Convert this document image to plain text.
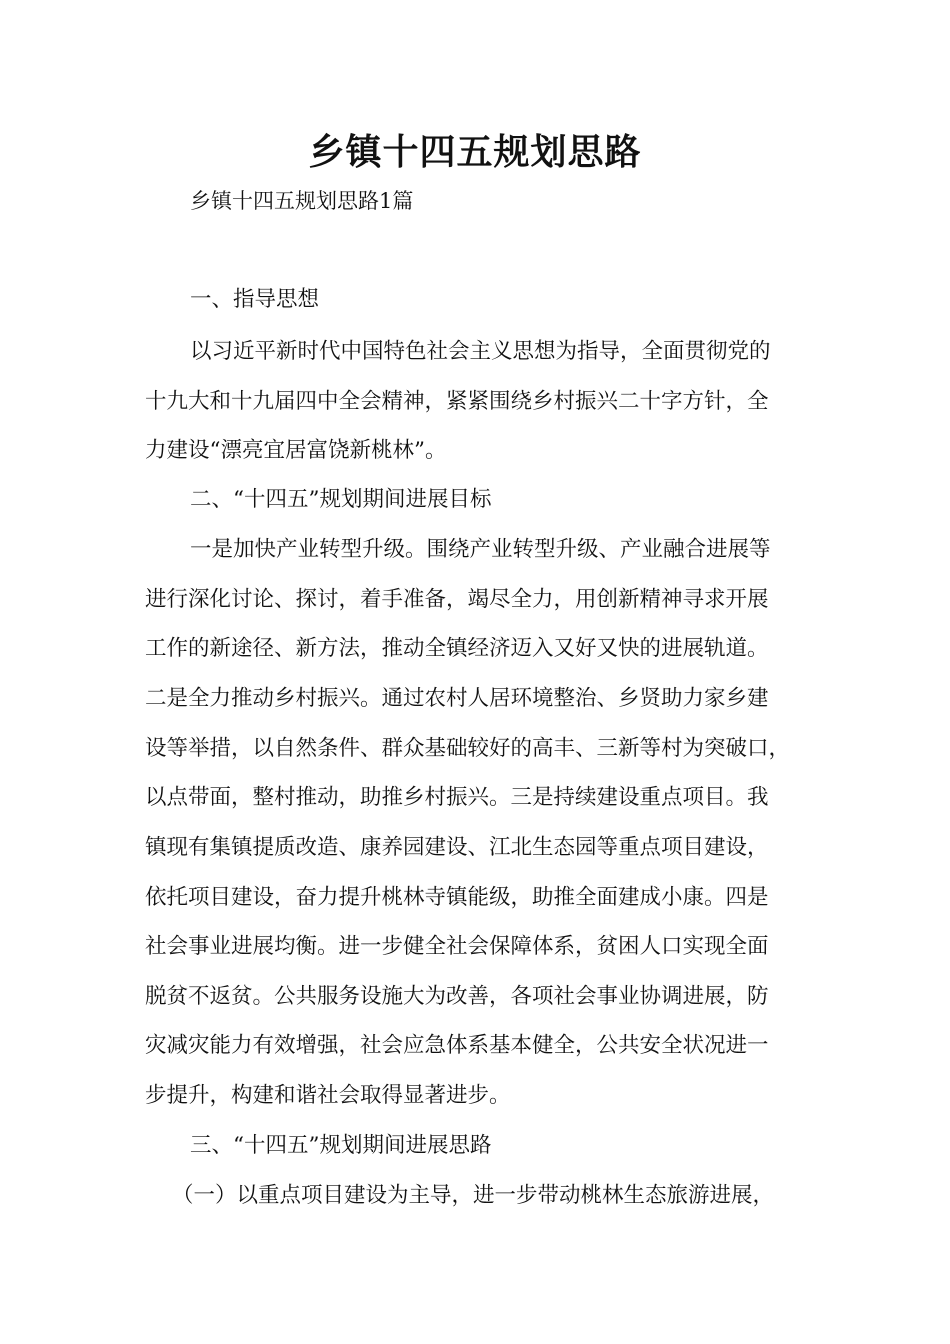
乡镇十四五规划思路

乡镇十四五规划思路1篇

一、指导思想

以习近平新时代中国特色社会主义思想为指导，全面贯彻党的

十九大和十九届四中全会精神，紧紧围绕乡村振兴二十字方针，全

力建设“漂亮宜居富饶新桃林”。

二、“十四五”规划期间进展目标

一是加快产业转型升级。围绕产业转型升级、产业融合进展等

进行深化讨论、探讨，着手准备，竭尽全力，用创新精神寻求开展

工作的新途径、新方法，推动全镇经济迈入又好又快的进展轨道。

二是全力推动乡村振兴。通过农村人居环境整治、乡贤助力家乡建

设等举措，以自然条件、群众基础较好的高丰、三新等村为突破口，

以点带面，整村推动，助推乡村振兴。三是持续建设重点项目。我

镇现有集镇提质改造、康养园建设、江北生态园等重点项目建设，

依托项目建设，奋力提升桃林寺镇能级，助推全面建成小康。四是

社会事业进展均衡。进一步健全社会保障体系，贫困人口实现全面

脱贫不返贫。公共服务设施大为改善，各项社会事业协调进展，防

灾减灾能力有效增强，社会应急体系基本健全，公共安全状况进一

步提升，构建和谐社会取得显著进步。

三、“十四五”规划期间进展思路

（一）以重点项目建设为主导，进一步带动桃林生态旅游进展，
